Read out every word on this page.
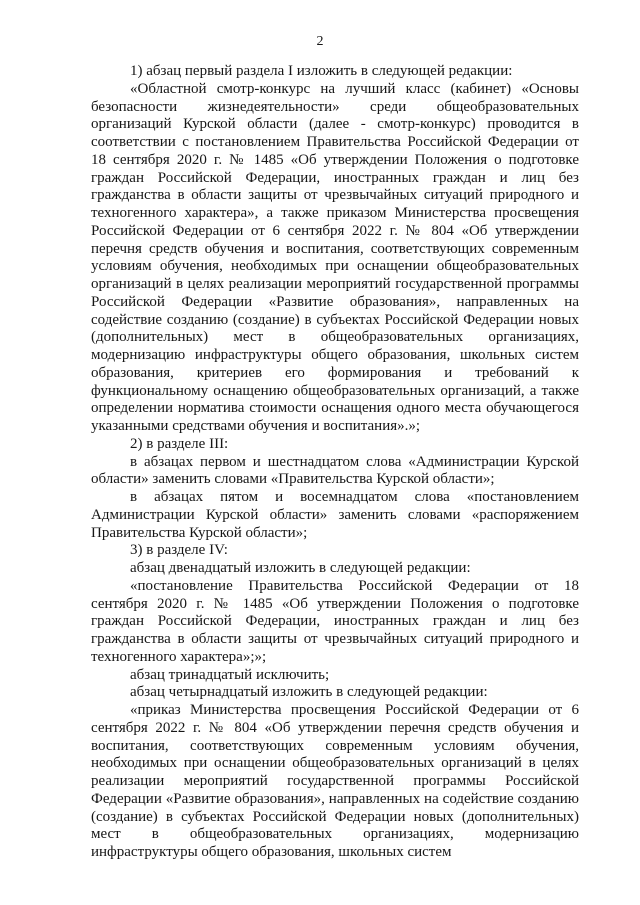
2

1) абзац первый раздела I изложить в следующей редакции:

«Областной смотр-конкурс на лучший класс (кабинет) «Основы безопасности жизнедеятельности» среди общеобразовательных организаций Курской области (далее - смотр-конкурс) проводится в соответствии с постановлением Правительства Российской Федерации от 18 сентября 2020 г. № 1485 «Об утверждении Положения о подготовке граждан Российской Федерации, иностранных граждан и лиц без гражданства в области защиты от чрезвычайных ситуаций природного и техногенного характера», а также приказом Министерства просвещения Российской Федерации от 6 сентября 2022 г. № 804 «Об утверждении перечня средств обучения и воспитания, соответствующих современным условиям обучения, необходимых при оснащении общеобразовательных организаций в целях реализации мероприятий государственной программы Российской Федерации «Развитие образования», направленных на содействие созданию (создание) в субъектах Российской Федерации новых (дополнительных) мест в общеобразовательных организациях, модернизацию инфраструктуры общего образования, школьных систем образования, критериев его формирования и требований к функциональному оснащению общеобразовательных организаций, а также определении норматива стоимости оснащения одного места обучающегося указанными средствами обучения и воспитания».»;

2) в разделе III:

в абзацах первом и шестнадцатом слова «Администрации Курской области» заменить словами «Правительства Курской области»;

в абзацах пятом и восемнадцатом слова «постановлением Администрации Курской области» заменить словами «распоряжением Правительства Курской области»;

3) в разделе IV:

абзац двенадцатый изложить в следующей редакции:

«постановление Правительства Российской Федерации от 18 сентября 2020 г. № 1485 «Об утверждении Положения о подготовке граждан Российской Федерации, иностранных граждан и лиц без гражданства в области защиты от чрезвычайных ситуаций природного и техногенного характера»;»;

абзац тринадцатый исключить;

абзац четырнадцатый изложить в следующей редакции:

«приказ Министерства просвещения Российской Федерации от 6 сентября 2022 г. № 804 «Об утверждении перечня средств обучения и воспитания, соответствующих современным условиям обучения, необходимых при оснащении общеобразовательных организаций в целях реализации мероприятий государственной программы Российской Федерации «Развитие образования», направленных на содействие созданию (создание) в субъектах Российской Федерации новых (дополнительных) мест в общеобразовательных организациях, модернизацию инфраструктуры общего образования, школьных систем
